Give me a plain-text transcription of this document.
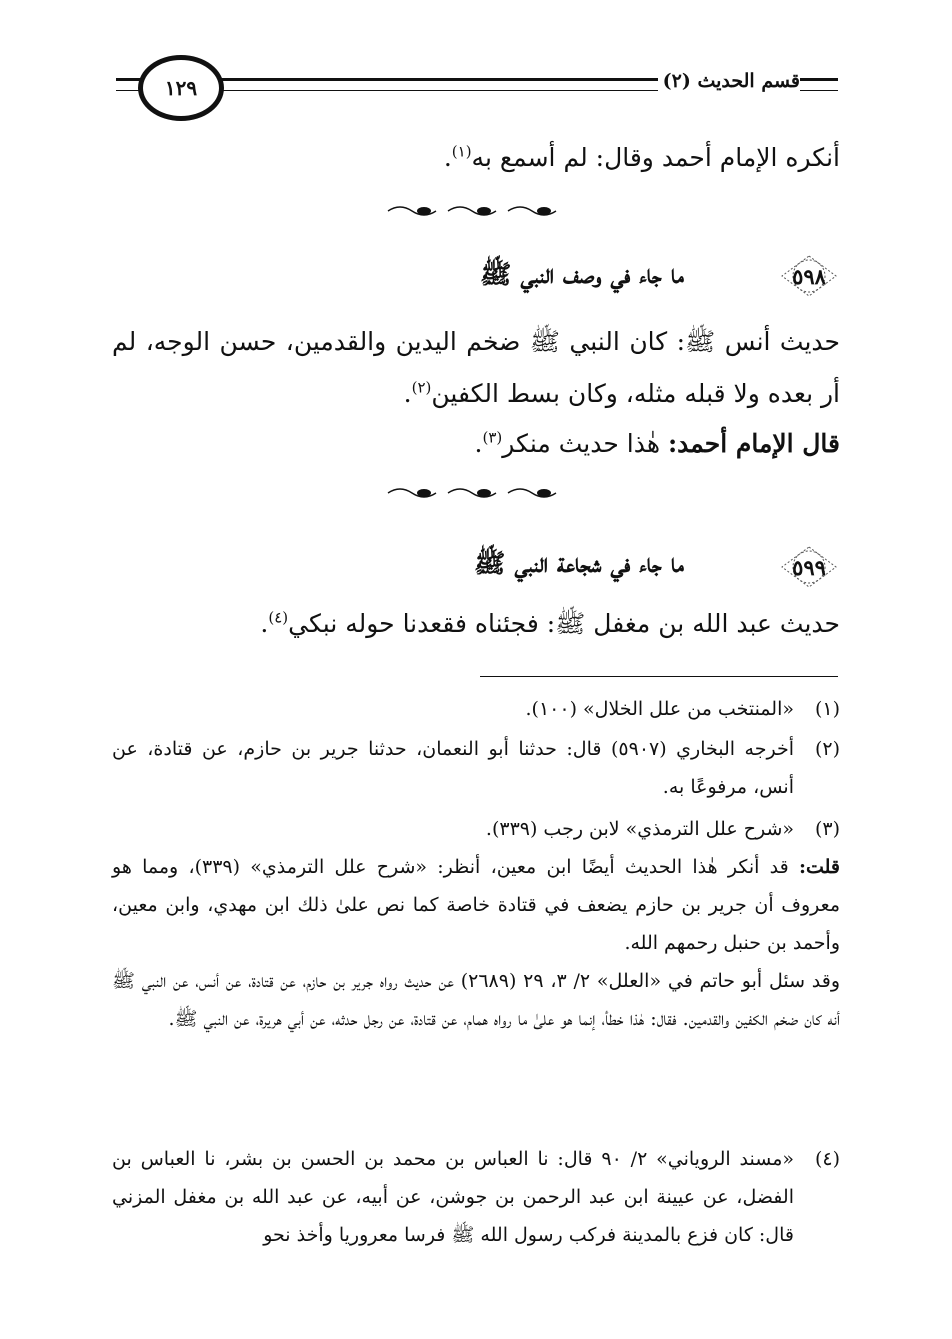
١٢٩	قسم الحديث (٢)
أنكره الإمام أحمد وقال: لم أسمع به$^{(١)}$.
٥٩٨
ما جاء في وصف النبي ﷺ
حديث أنس ﷺ: كان النبي ﷺ ضخم اليدين والقدمين، حسن الوجه، لم أر بعده ولا قبله مثله، وكان بسط الكفين$^{(٢)}$.
قال الإمام أحمد: هٰذا حديث منكر$^{(٣)}$.
٥٩٩
ما جاء في شجاعة النبي ﷺ
حديث عبد الله بن مغفل ﷺ: فجئناه فقعدنا حوله نبكي$^{(٤)}$.
(١)
«المنتخب من علل الخلال» (١٠٠).
(٢)
أخرجه البخاري (٥٩٠٧) قال: حدثنا أبو النعمان، حدثنا جرير بن حازم، عن قتادة، عن أنس، مرفوعًا به.
(٣)
«شرح علل الترمذي» لابن رجب (٣٣٩).
قلت: قد أنكر هٰذا الحديث أيضًا ابن معين، أنظر: «شرح علل الترمذي» (٣٣٩)، ومما هو معروف أن جرير بن حازم يضعف في قتادة خاصة كما نص علىٰ ذلك ابن مهدي، وابن معين، وأحمد بن حنبل رحمهم الله.
وقد سئل أبو حاتم في «العلل» ٢/ ٣، ٢٩ (٢٦٨٩) عن حديث رواه جرير بن حازم، عن قتادة، عن أنس، عن النبي ﷺ أنه كان ضخم الكفين والقدمين. فقال: هٰذا خطأ، إنما هو علىٰ ما رواه همام، عن قتادة، عن رجل حدثه، عن أبي هريرة، عن النبي ﷺ.
(٤)
«مسند الروياني» ٢/ ٩٠ قال: نا العباس بن محمد بن الحسن بن بشر، نا العباس بن الفضل، عن عيينة ابن عبد الرحمن بن جوشن، عن أبيه، عن عبد الله بن مغفل المزني قال: كان فزع بالمدينة فركب رسول الله ﷺ فرسا معروريا وأخذ نحو
